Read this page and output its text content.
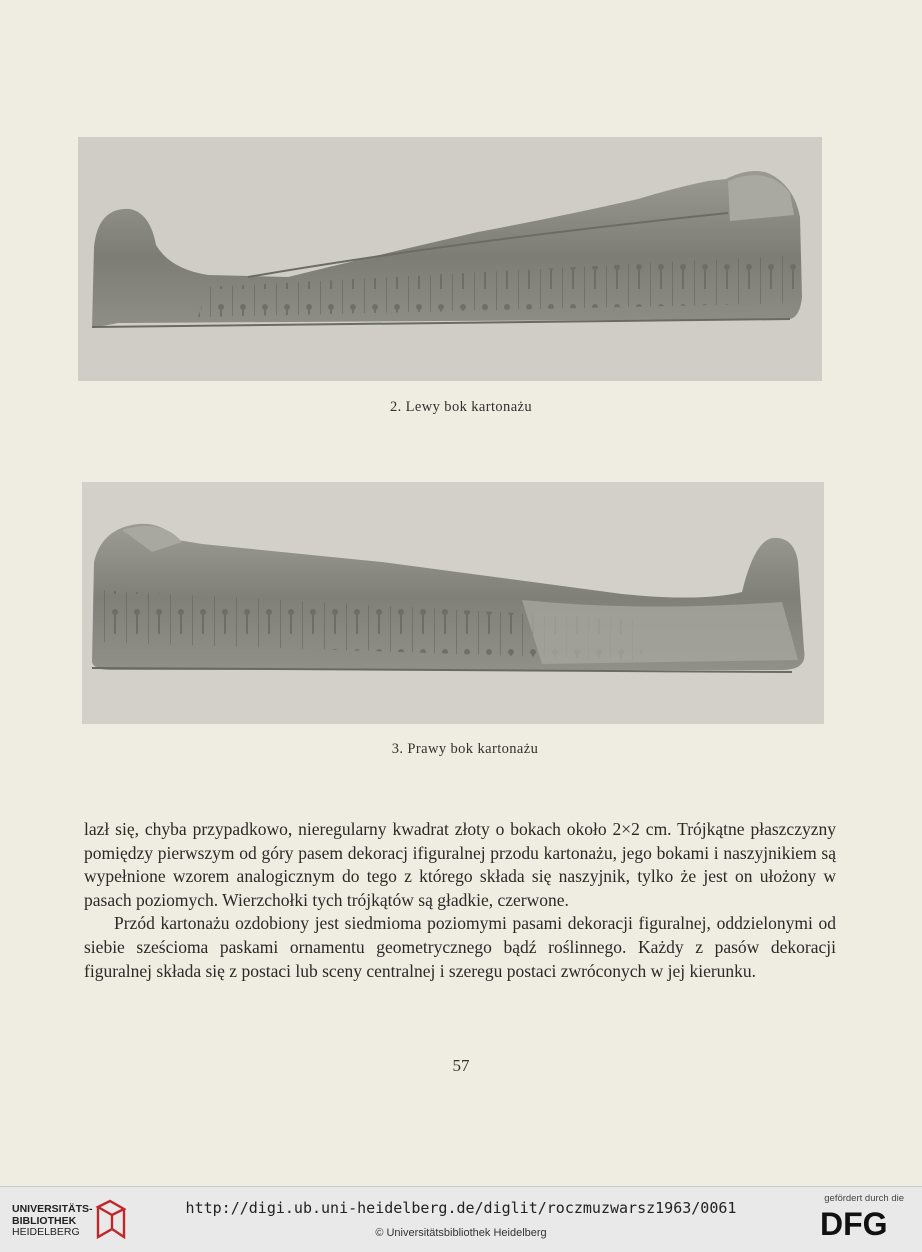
2. Lewy bok kartonażu
3. Prawy bok kartonażu

lazł się, chyba przypadkowo, nieregularny kwadrat złoty o bokach około 2×2 cm. Trójkątne płaszczyzny pomiędzy pierwszym od góry pasem dekoracj ifiguralnej przodu kartonażu, jego bokami i naszyjnikiem są wypełnione wzorem analogicznym do tego z którego składa się naszyjnik, tylko że jest on ułożony w pasach poziomych. Wierzchołki tych trójkątów są gładkie, czerwone.

Przód kartonażu ozdobiony jest siedmioma poziomymi pasami dekoracji figuralnej, oddzielonymi od siebie sześcioma paskami ornamentu geometrycznego bądź roślinnego. Każdy z pasów dekoracji figuralnej składa się z postaci lub sceny centralnej i szeregu postaci zwróconych w jej kierunku.

57
UNIVERSITÄTS-
BIBLIOTHEK
HEIDELBERG
http://digi.ub.uni-heidelberg.de/diglit/roczmuzwarsz1963/0061
© Universitätsbibliothek Heidelberg
gefördert durch die
DFG
